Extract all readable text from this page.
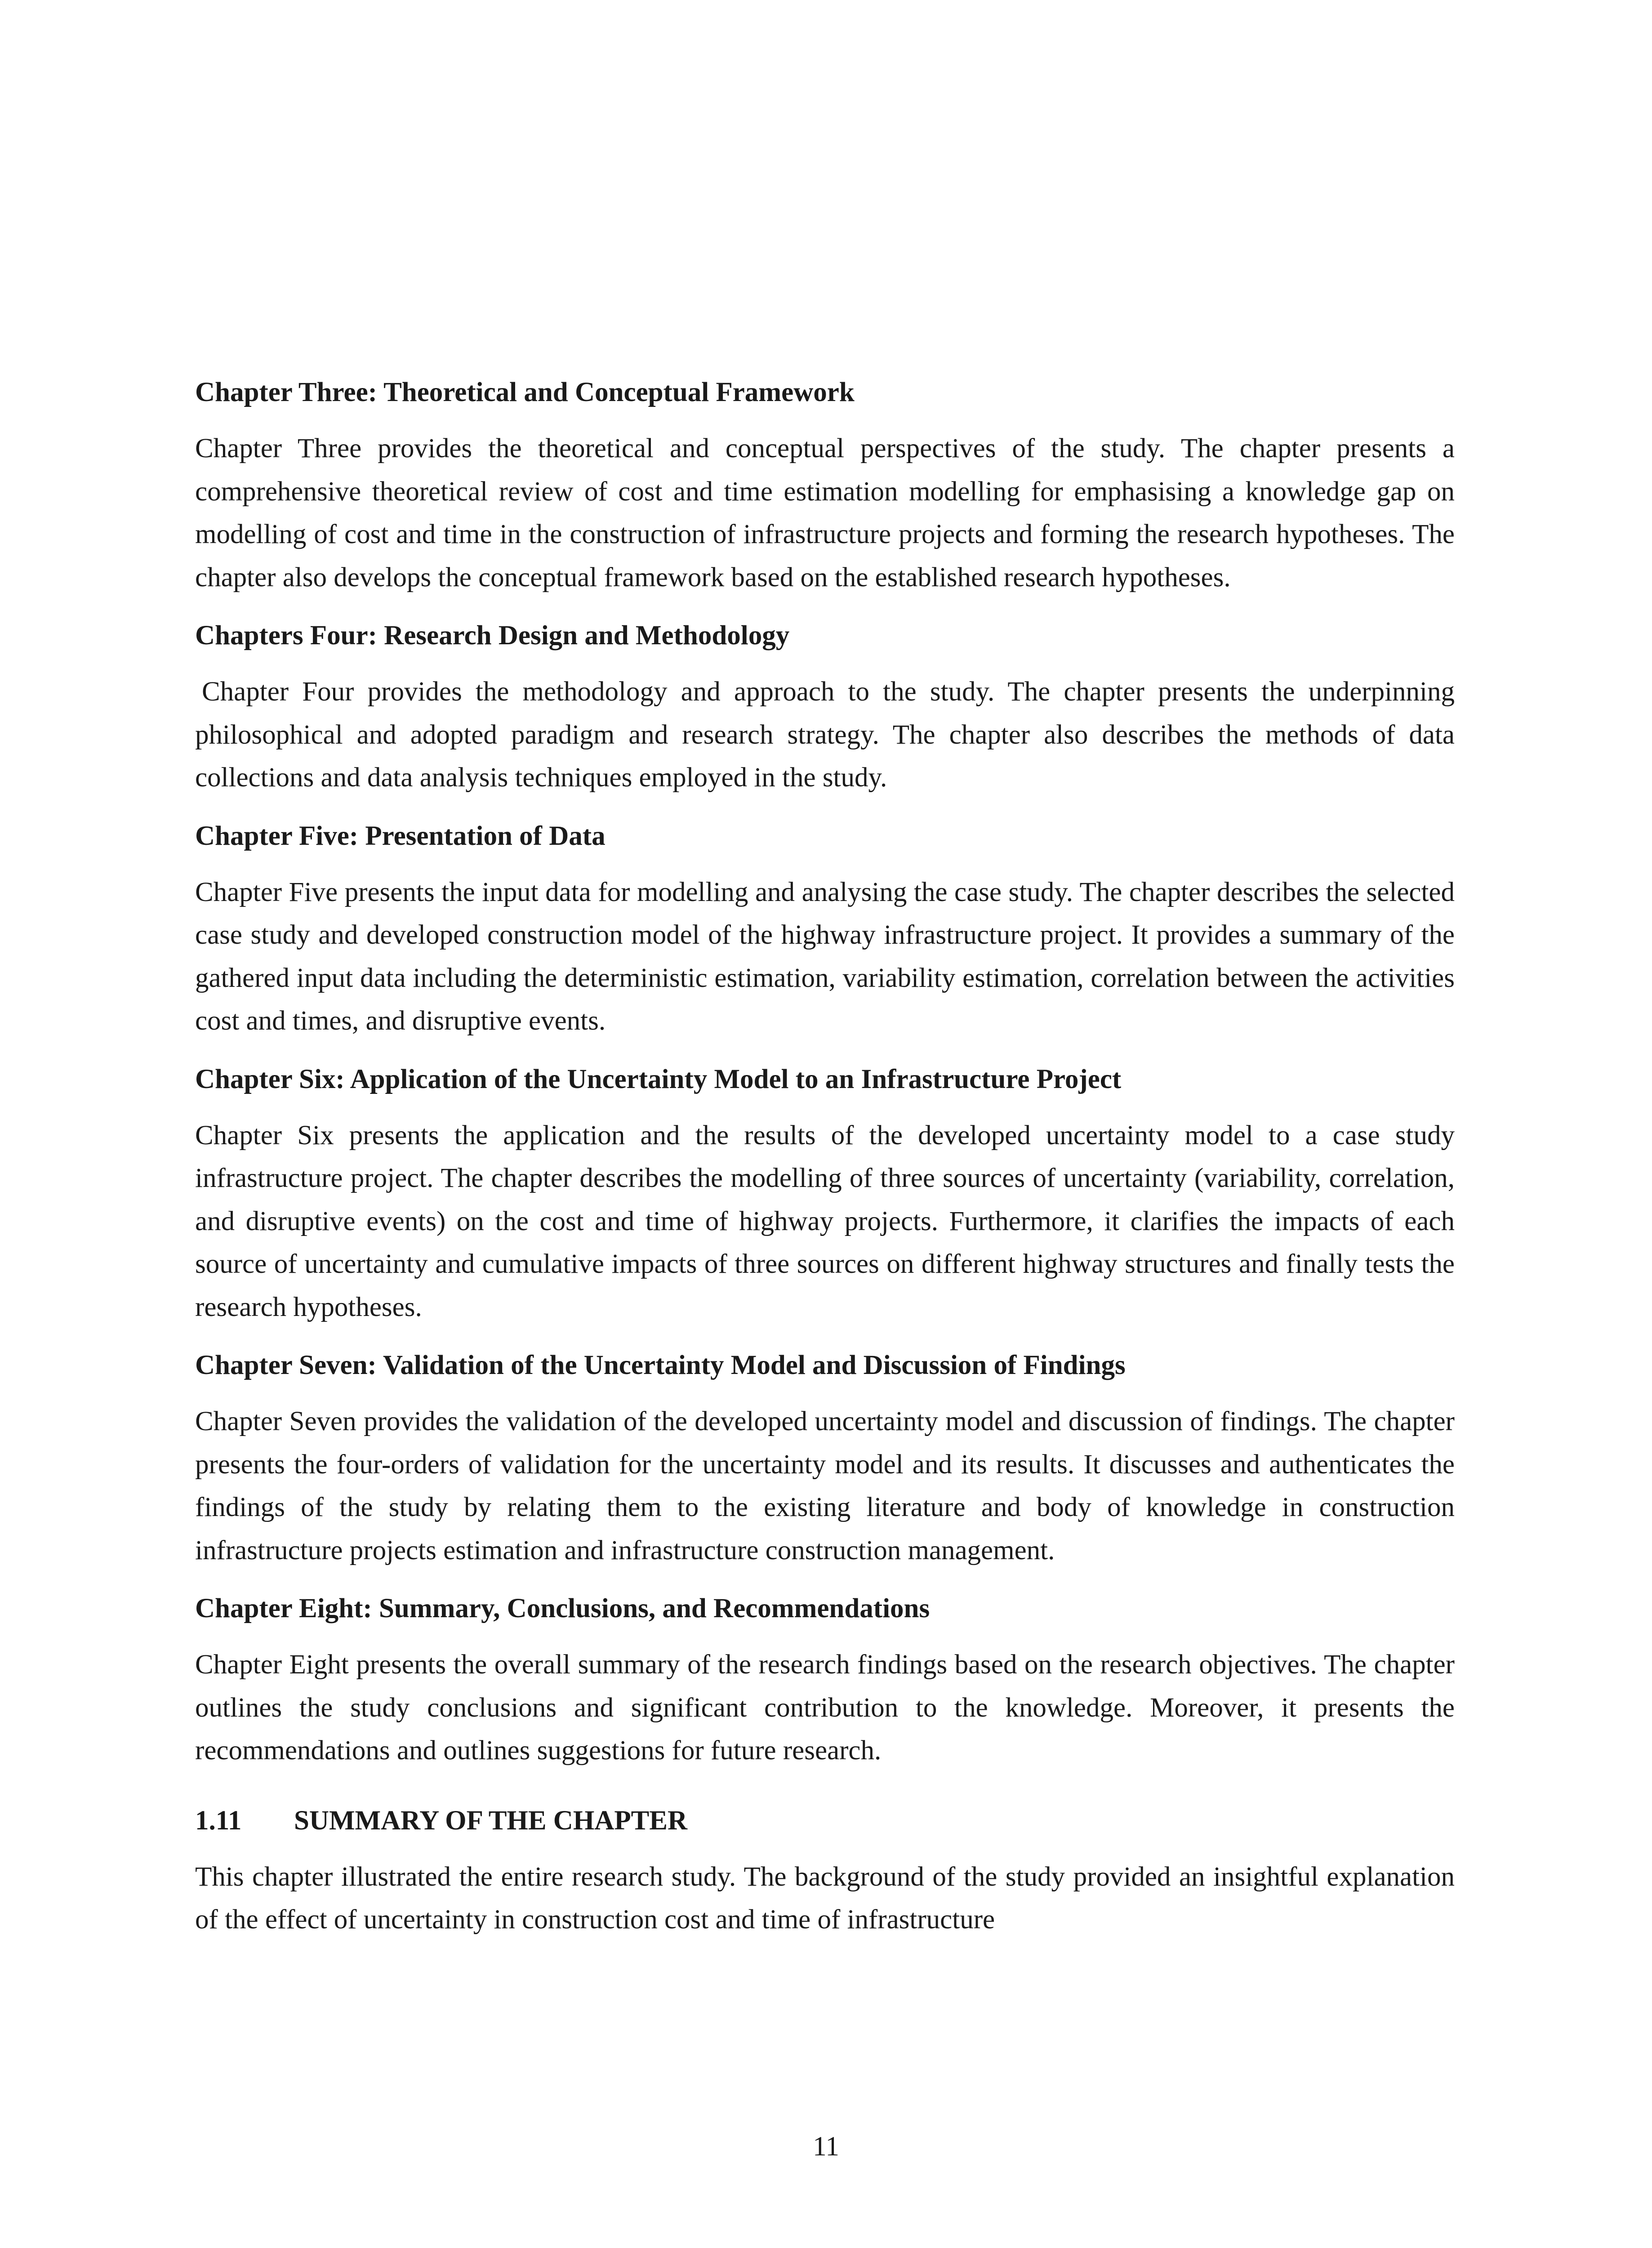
Chapter Three: Theoretical and Conceptual Framework

Chapter Three provides the theoretical and conceptual perspectives of the study. The chapter presents a comprehensive theoretical review of cost and time estimation modelling for emphasising a knowledge gap on modelling of cost and time in the construction of infrastructure projects and forming the research hypotheses. The chapter also develops the conceptual framework based on the established research hypotheses.

Chapters Four: Research Design and Methodology

Chapter Four provides the methodology and approach to the study. The chapter presents the underpinning philosophical and adopted paradigm and research strategy. The chapter also describes the methods of data collections and data analysis techniques employed in the study.

Chapter Five: Presentation of Data

Chapter Five presents the input data for modelling and analysing the case study. The chapter describes the selected case study and developed construction model of the highway infrastructure project. It provides a summary of the gathered input data including the deterministic estimation, variability estimation, correlation between the activities cost and times, and disruptive events.

Chapter Six: Application of the Uncertainty Model to an Infrastructure Project

Chapter Six presents the application and the results of the developed uncertainty model to a case study infrastructure project. The chapter describes the modelling of three sources of uncertainty (variability, correlation, and disruptive events) on the cost and time of highway projects. Furthermore, it clarifies the impacts of each source of uncertainty and cumulative impacts of three sources on different highway structures and finally tests the research hypotheses.

Chapter Seven: Validation of the Uncertainty Model and Discussion of Findings

Chapter Seven provides the validation of the developed uncertainty model and discussion of findings. The chapter presents the four-orders of validation for the uncertainty model and its results. It discusses and authenticates the findings of the study by relating them to the existing literature and body of knowledge in construction infrastructure projects estimation and infrastructure construction management.

Chapter Eight: Summary, Conclusions, and Recommendations

Chapter Eight presents the overall summary of the research findings based on the research objectives. The chapter outlines the study conclusions and significant contribution to the knowledge. Moreover, it presents the recommendations and outlines suggestions for future research.

1.11	SUMMARY OF THE CHAPTER

This chapter illustrated the entire research study. The background of the study provided an insightful explanation of the effect of uncertainty in construction cost and time of infrastructure

11
